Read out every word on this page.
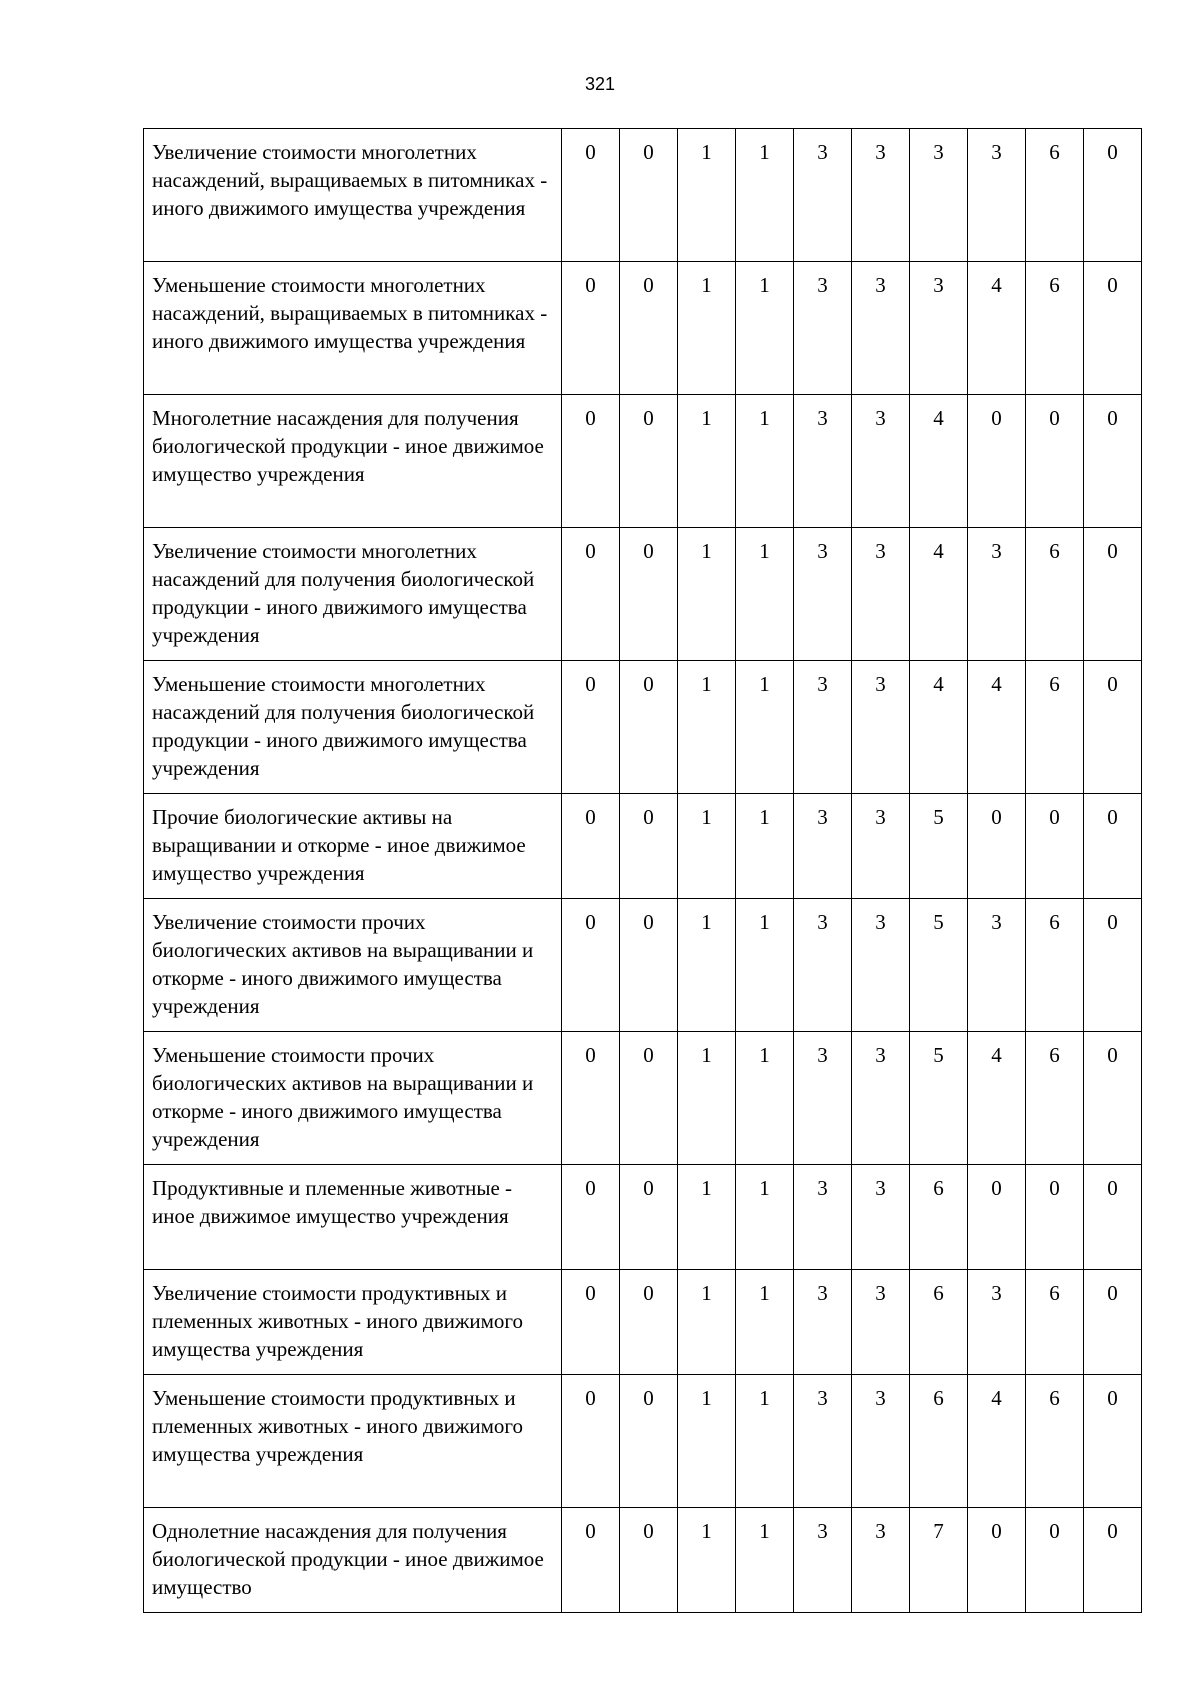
321
Увеличение стоимости многолетних насаждений, выращиваемых в питомниках - иного движимого имущества учреждения	0	0	1	1	3	3	3	3	6	0

Уменьшение стоимости многолетних насаждений, выращиваемых в питомниках - иного движимого имущества учреждения	0	0	1	1	3	3	3	4	6	0

Многолетние насаждения для получения биологической продукции - иное движимое имущество учреждения	0	0	1	1	3	3	4	0	0	0

Увеличение стоимости многолетних насаждений для получения биологической продукции - иного движимого имущества учреждения	0	0	1	1	3	3	4	3	6	0

Уменьшение стоимости многолетних насаждений для получения биологической продукции - иного движимого имущества учреждения	0	0	1	1	3	3	4	4	6	0

Прочие биологические активы на выращивании и откорме - иное движимое имущество учреждения	0	0	1	1	3	3	5	0	0	0

Увеличение стоимости прочих биологических активов на выращивании и откорме - иного движимого имущества учреждения	0	0	1	1	3	3	5	3	6	0

Уменьшение стоимости прочих биологических активов на выращивании и откорме - иного движимого имущества учреждения	0	0	1	1	3	3	5	4	6	0

Продуктивные и племенные животные - иное движимое имущество учреждения	0	0	1	1	3	3	6	0	0	0

Увеличение стоимости продуктивных и племенных животных - иного движимого имущества учреждения	0	0	1	1	3	3	6	3	6	0

Уменьшение стоимости продуктивных и племенных животных - иного движимого имущества учреждения	0	0	1	1	3	3	6	4	6	0

Однолетние насаждения для получения биологической продукции - иное движимое имущество	0	0	1	1	3	3	7	0	0	0
